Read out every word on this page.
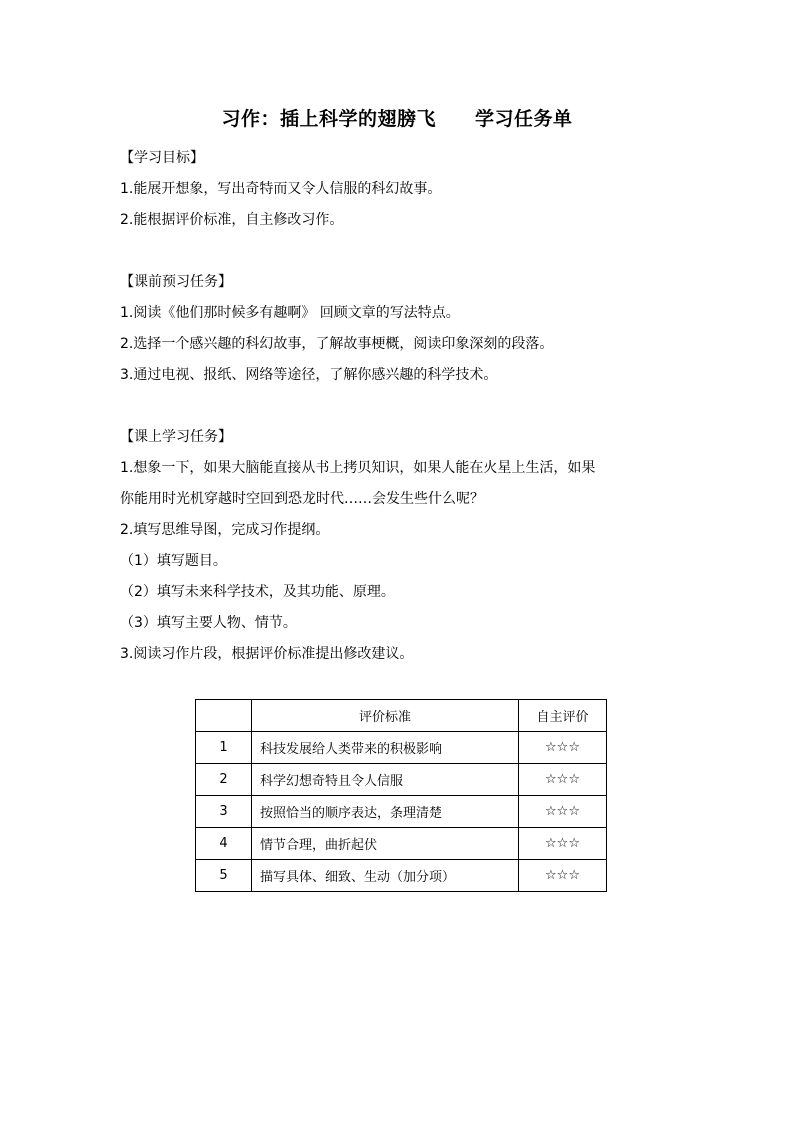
习作：插上科学的翅膀飞　　学习任务单
【学习目标】
1.能展开想象，写出奇特而又令人信服的科幻故事。
2.能根据评价标准，自主修改习作。
【课前预习任务】
1.阅读《他们那时候多有趣啊》 回顾文章的写法特点。
2.选择一个感兴趣的科幻故事，了解故事梗概，阅读印象深刻的段落。
3.通过电视、报纸、网络等途径，了解你感兴趣的科学技术。
【课上学习任务】
1.想象一下，如果大脑能直接从书上拷贝知识，如果人能在火星上生活，如果
你能用时光机穿越时空回到恐龙时代……会发生些什么呢？
2.填写思维导图，完成习作提纲。
（1）填写题目。
（2）填写未来科学技术，及其功能、原理。
（3）填写主要人物、情节。
3.阅读习作片段，根据评价标准提出修改建议。
	评价标准	自主评价
1	科技发展给人类带来的积极影响	☆☆☆
2	科学幻想奇特且令人信服	☆☆☆
3	按照恰当的顺序表达，条理清楚	☆☆☆
4	情节合理，曲折起伏	☆☆☆
5	描写具体、细致、生动（加分项）	☆☆☆
